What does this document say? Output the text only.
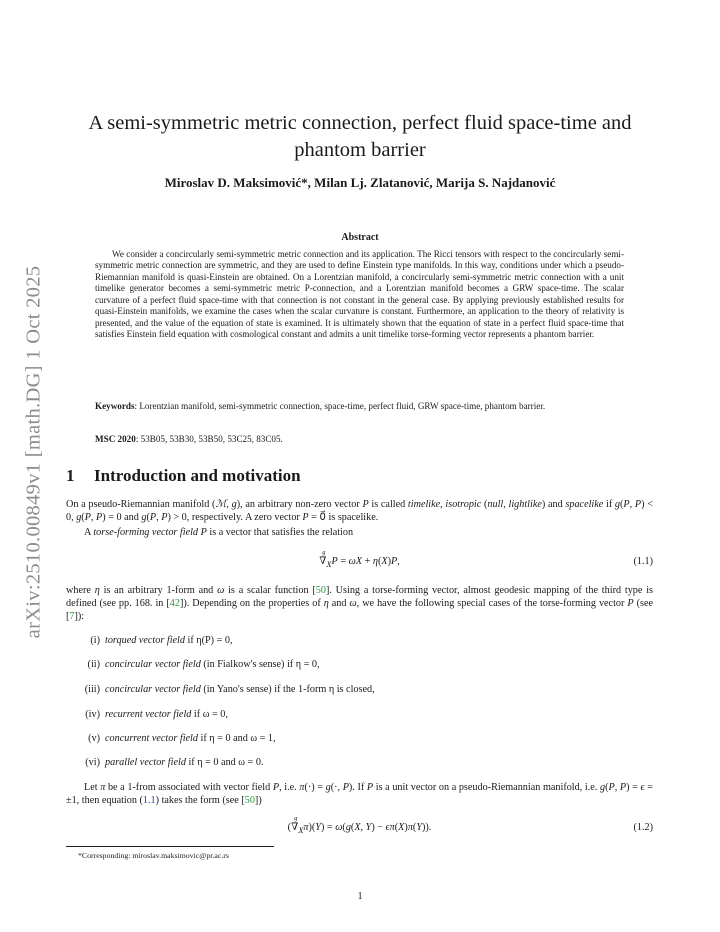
arXiv:2510.00849v1 [math.DG] 1 Oct 2025
A semi-symmetric metric connection, perfect fluid space-time and phantom barrier
Miroslav D. Maksimović*, Milan Lj. Zlatanović, Marija S. Najdanović
Abstract
We consider a concircularly semi-symmetric metric connection and its application. The Ricci tensors with respect to the concircularly semi-symmetric metric connection are symmetric, and they are used to define Einstein type manifolds. In this way, conditions under which a pseudo-Riemannian manifold is quasi-Einstein are obtained. On a Lorentzian manifold, a concircularly semi-symmetric metric connection with a unit timelike generator becomes a semi-symmetric metric P-connection, and a Lorentzian manifold becomes a GRW space-time. The scalar curvature of a perfect fluid space-time with that connection is not constant in the general case. By applying previously established results for quasi-Einstein manifolds, we examine the cases when the scalar curvature is constant. Furthermore, an application to the theory of relativity is presented, and the value of the equation of state is examined. It is ultimately shown that the equation of state in a perfect fluid space-time that satisfies Einstein field equation with cosmological constant and admits a unit timelike torse-forming vector represents a phantom barrier.
Keywords: Lorentzian manifold, semi-symmetric connection, space-time, perfect fluid, GRW space-time, phantom barrier.
MSC 2020: 53B05, 53B30, 53B50, 53C25, 83C05.
1 Introduction and motivation
On a pseudo-Riemannian manifold (ℳ, g), an arbitrary non-zero vector P is called timelike, isotropic (null, lightlike) and spacelike if g(P, P) < 0, g(P, P) = 0 and g(P, P) > 0, respectively. A zero vector P = 0⃗ is spacelike.
A torse-forming vector field P is a vector that satisfies the relation
∇
g
$_X$P = ωX + η(X)P,	(1.1)
where η is an arbitrary 1-form and ω is a scalar function [50]. Using a torse-forming vector, almost geodesic mapping of the third type is defined (see pp. 168. in [42]). Depending on the properties of η and ω, we have the following special cases of the torse-forming vector P (see [7]):
(i) torqued vector field if η(P) = 0,
(ii) concircular vector field (in Fialkow's sense) if η = 0,
(iii) concircular vector field (in Yano's sense) if the 1-form η is closed,
(iv) recurrent vector field if ω = 0,
(v) concurrent vector field if η = 0 and ω = 1,
(vi) parallel vector field if η = 0 and ω = 0.
Let π be a 1-from associated with vector field P, i.e. π(·) = g(·, P). If P is a unit vector on a pseudo-Riemannian manifold, i.e. g(P, P) = ϵ = ±1, then equation (1.1) takes the form (see [50])
(∇
g
$_X$π)(Y) = ω(g(X, Y) − ϵπ(X)π(Y)).	(1.2)
*Corresponding: miroslav.maksimovic@pr.ac.rs
1
